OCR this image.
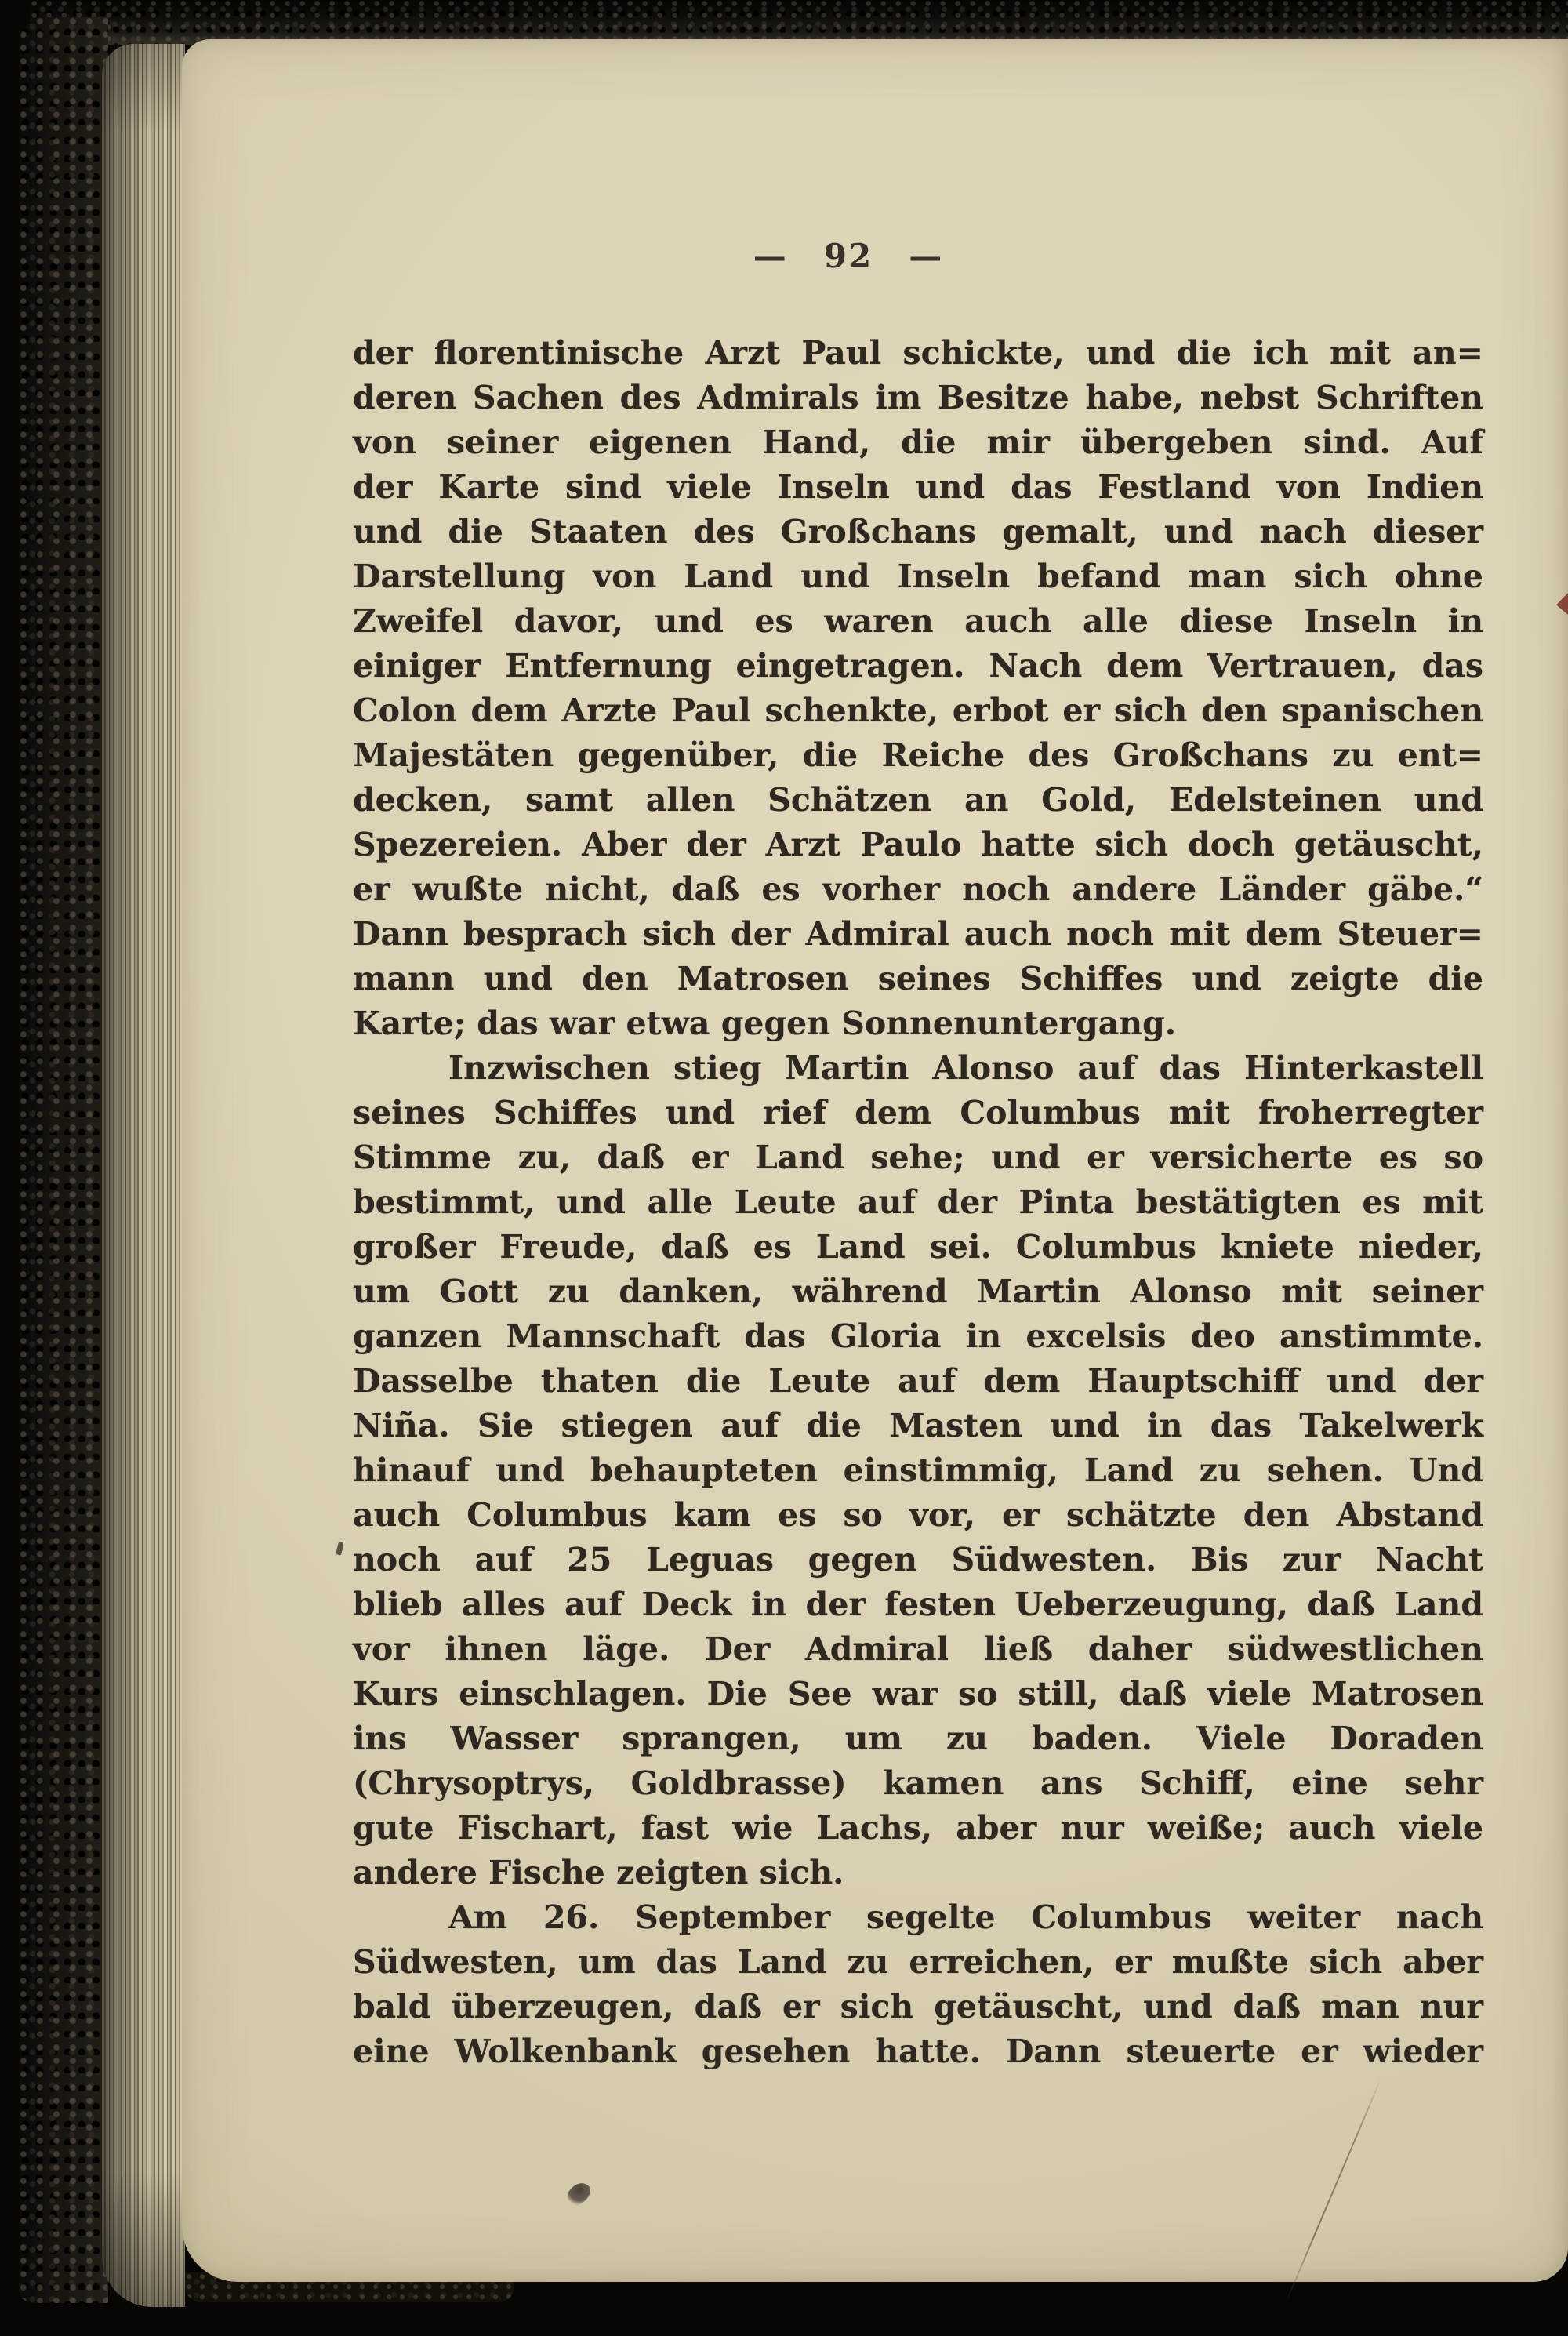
— 92 —
der florentinische Arzt Paul schickte, und die ich mit an=
deren Sachen des Admirals im Besitze habe, nebst Schriften
von seiner eigenen Hand, die mir übergeben sind. Auf
der Karte sind viele Inseln und das Festland von Indien
und die Staaten des Großchans gemalt, und nach dieser
Darstellung von Land und Inseln befand man sich ohne
Zweifel davor, und es waren auch alle diese Inseln in
einiger Entfernung eingetragen. Nach dem Vertrauen, das
Colon dem Arzte Paul schenkte, erbot er sich den spanischen
Majestäten gegenüber, die Reiche des Großchans zu ent=
decken, samt allen Schätzen an Gold, Edelsteinen und
Spezereien. Aber der Arzt Paulo hatte sich doch getäuscht,
er wußte nicht, daß es vorher noch andere Länder gäbe.“
Dann besprach sich der Admiral auch noch mit dem Steuer=
mann und den Matrosen seines Schiffes und zeigte die
Karte; das war etwa gegen Sonnenuntergang.
Inzwischen stieg Martin Alonso auf das Hinterkastell
seines Schiffes und rief dem Columbus mit froherregter
Stimme zu, daß er Land sehe; und er versicherte es so
bestimmt, und alle Leute auf der Pinta bestätigten es mit
großer Freude, daß es Land sei. Columbus kniete nieder,
um Gott zu danken, während Martin Alonso mit seiner
ganzen Mannschaft das Gloria in excelsis deo anstimmte.
Dasselbe thaten die Leute auf dem Hauptschiff und der
Niña. Sie stiegen auf die Masten und in das Takelwerk
hinauf und behaupteten einstimmig, Land zu sehen. Und
auch Columbus kam es so vor, er schätzte den Abstand
noch auf 25 Leguas gegen Südwesten. Bis zur Nacht
blieb alles auf Deck in der festen Ueberzeugung, daß Land
vor ihnen läge. Der Admiral ließ daher südwestlichen
Kurs einschlagen. Die See war so still, daß viele Matrosen
ins Wasser sprangen, um zu baden. Viele Doraden
(Chrysoptrys, Goldbrasse) kamen ans Schiff, eine sehr
gute Fischart, fast wie Lachs, aber nur weiße; auch viele
andere Fische zeigten sich.
Am 26. September segelte Columbus weiter nach
Südwesten, um das Land zu erreichen, er mußte sich aber
bald überzeugen, daß er sich getäuscht, und daß man nur
eine Wolkenbank gesehen hatte. Dann steuerte er wieder
